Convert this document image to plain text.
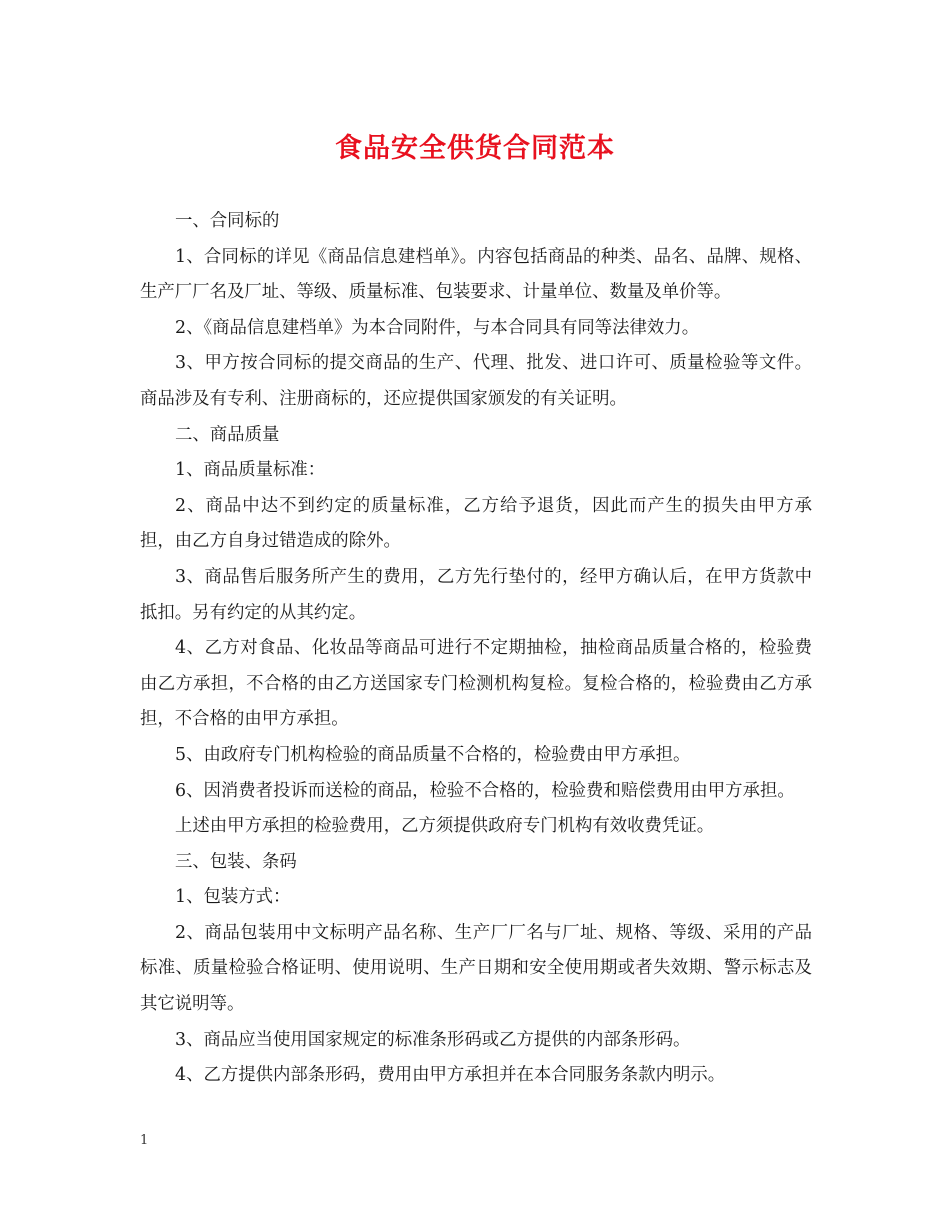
食品安全供货合同范本

一、合同标的

1、合同标的详见《商品信息建档单》。内容包括商品的种类、品名、品牌、规格、生产厂厂名及厂址、等级、质量标准、包装要求、计量单位、数量及单价等。

2、《商品信息建档单》为本合同附件，与本合同具有同等法律效力。

3、甲方按合同标的提交商品的生产、代理、批发、进口许可、质量检验等文件。商品涉及有专利、注册商标的，还应提供国家颁发的有关证明。

二、商品质量

1、商品质量标准：

2、商品中达不到约定的质量标准，乙方给予退货，因此而产生的损失由甲方承担，由乙方自身过错造成的除外。

3、商品售后服务所产生的费用，乙方先行垫付的，经甲方确认后，在甲方货款中抵扣。另有约定的从其约定。

4、乙方对食品、化妆品等商品可进行不定期抽检，抽检商品质量合格的，检验费由乙方承担，不合格的由乙方送国家专门检测机构复检。复检合格的，检验费由乙方承担，不合格的由甲方承担。

5、由政府专门机构检验的商品质量不合格的，检验费由甲方承担。

6、因消费者投诉而送检的商品，检验不合格的，检验费和赔偿费用由甲方承担。

上述由甲方承担的检验费用，乙方须提供政府专门机构有效收费凭证。

三、包装、条码

1、包装方式：

2、商品包装用中文标明产品名称、生产厂厂名与厂址、规格、等级、采用的产品标准、质量检验合格证明、使用说明、生产日期和安全使用期或者失效期、警示标志及其它说明等。

3、商品应当使用国家规定的标准条形码或乙方提供的内部条形码。

4、乙方提供内部条形码，费用由甲方承担并在本合同服务条款内明示。

1
